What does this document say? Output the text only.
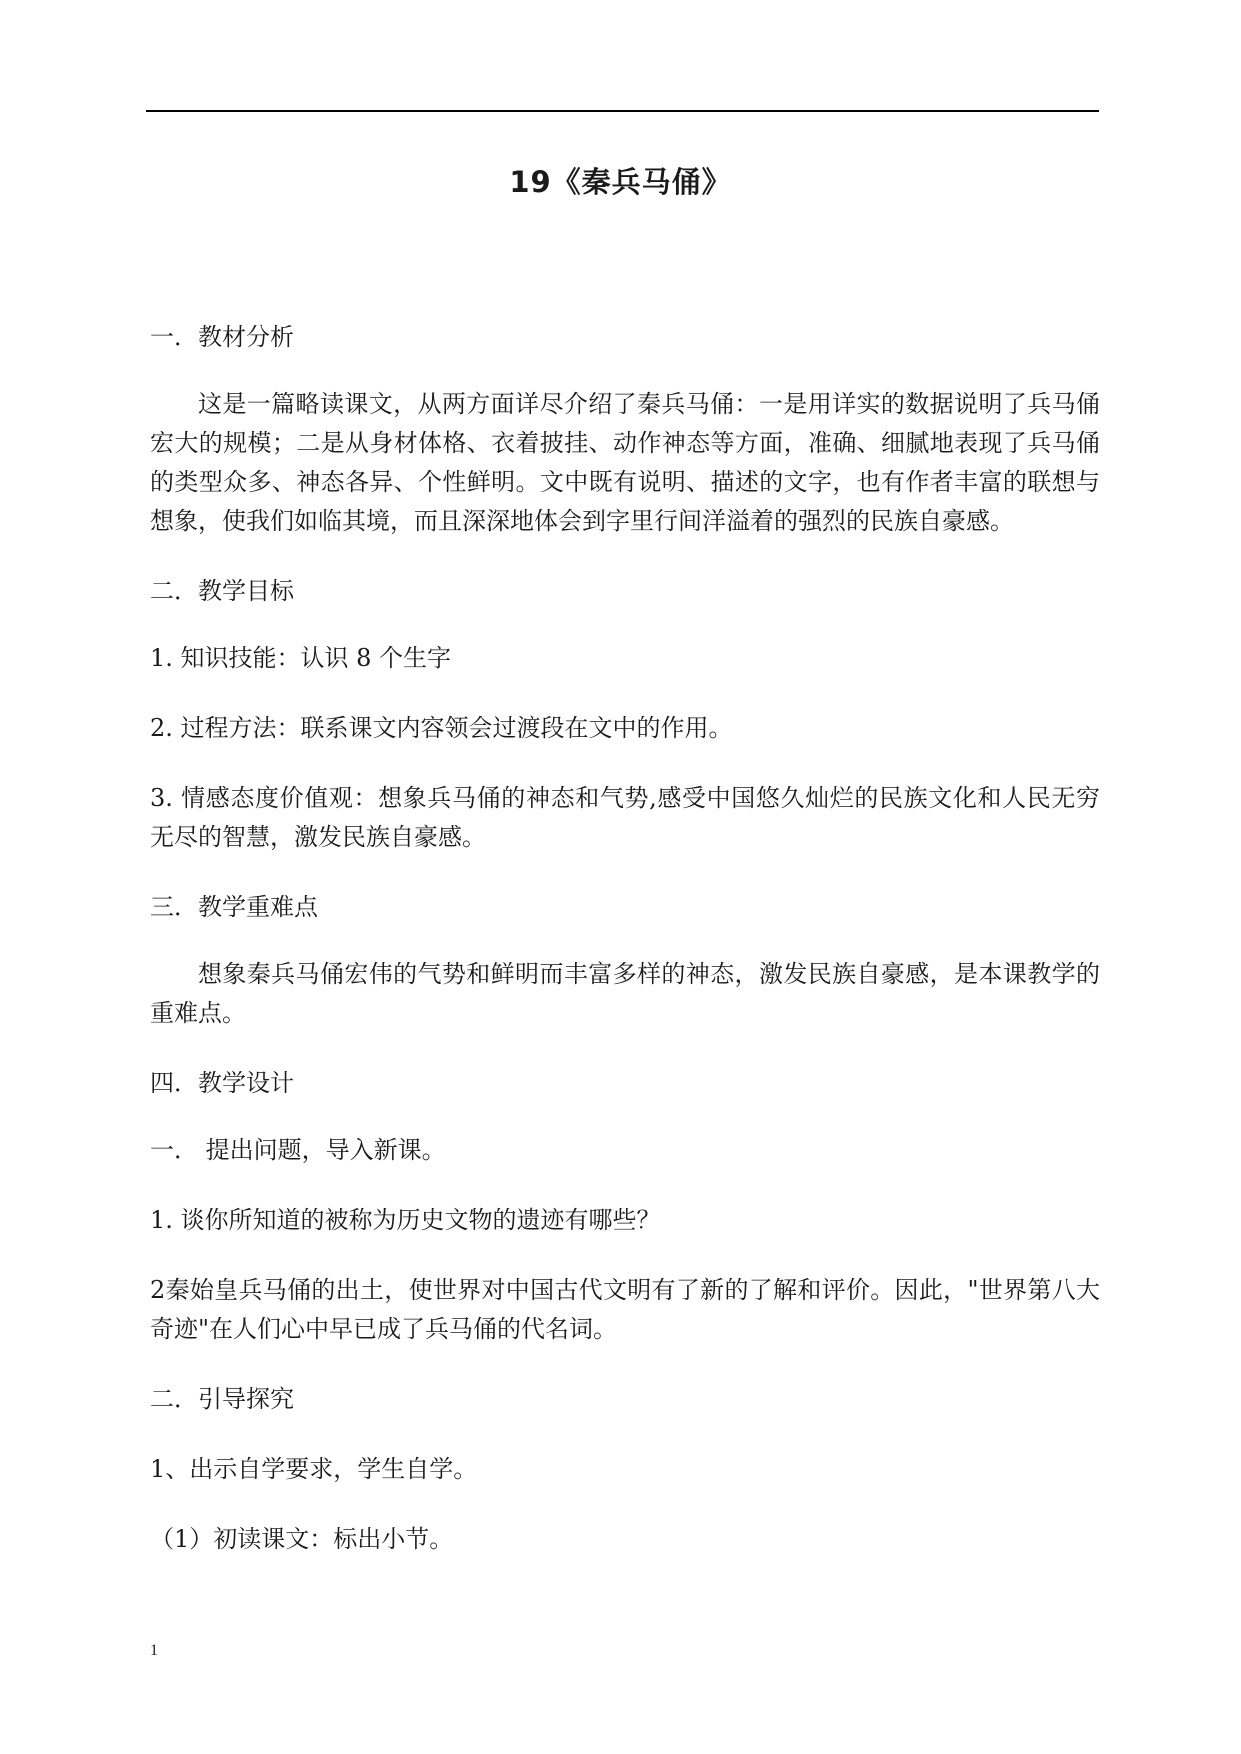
19《秦兵马俑》

一．教材分析

这是一篇略读课文，从两方面详尽介绍了秦兵马俑：一是用详实的数据说明了兵马俑宏大的规模；二是从身材体格、衣着披挂、动作神态等方面，准确、细腻地表现了兵马俑的类型众多、神态各异、个性鲜明。文中既有说明、描述的文字，也有作者丰富的联想与想象，使我们如临其境，而且深深地体会到字里行间洋溢着的强烈的民族自豪感。

二．教学目标

1. 知识技能：认识 8 个生字

2. 过程方法：联系课文内容领会过渡段在文中的作用。

3. 情感态度价值观：想象兵马俑的神态和气势,感受中国悠久灿烂的民族文化和人民无穷无尽的智慧，激发民族自豪感。

三．教学重难点

想象秦兵马俑宏伟的气势和鲜明而丰富多样的神态，激发民族自豪感，是本课教学的重难点。

四．教学设计

一． 提出问题，导入新课。

1. 谈你所知道的被称为历史文物的遗迹有哪些？

2秦始皇兵马俑的出土，使世界对中国古代文明有了新的了解和评价。因此，"世界第八大奇迹"在人们心中早已成了兵马俑的代名词。

二．引导探究

1、出示自学要求，学生自学。

（1）初读课文：标出小节。

1
